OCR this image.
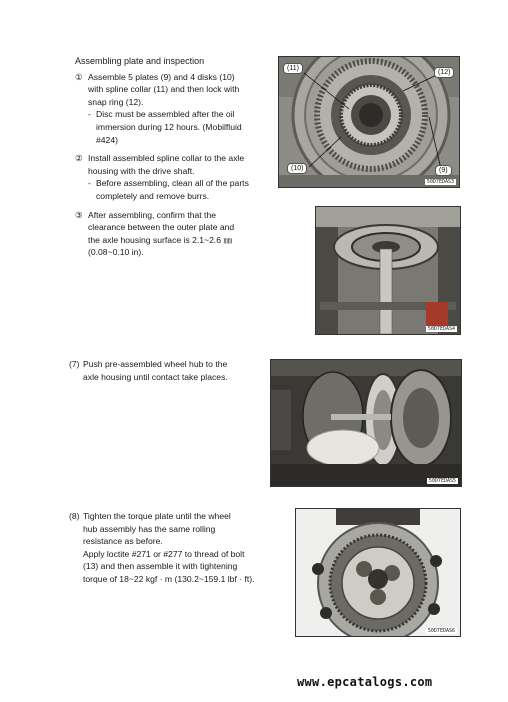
Assembling plate and inspection
① Assemble 5 plates (9) and 4 disks (10)
with spline collar (11) and then lock with
snap ring (12).
- Disc must be assembled after the oil
immersion during 12 hours. (Mobilfluid
#424)
② Install assembled spline collar to the axle
housing with the drive shaft.
- Before assembling, clean all of the parts
completely and remove burrs.
③ After assembling, confirm that the
clearance between the outer plate and
the axle housing surface is 2.1~2.6 ㎜
(0.08~0.10 in).
(7) Push pre-assembled wheel hub to the
axle housing until contact take places.
(8) Tighten the torque plate until the wheel
hub assembly has the same rolling
resistance as before.
Apply loctite #271 or #277 to thread of bolt
(13) and then assemble it with tightening
torque of 18~22 kgf · m (130.2~159.1 lbf · ft).
(11)
(12)
(10)	(9)
50D7EDAS3
50D7EDAS4
50D7EDAS5
50D7EDAS6
www.epcatalogs.com
